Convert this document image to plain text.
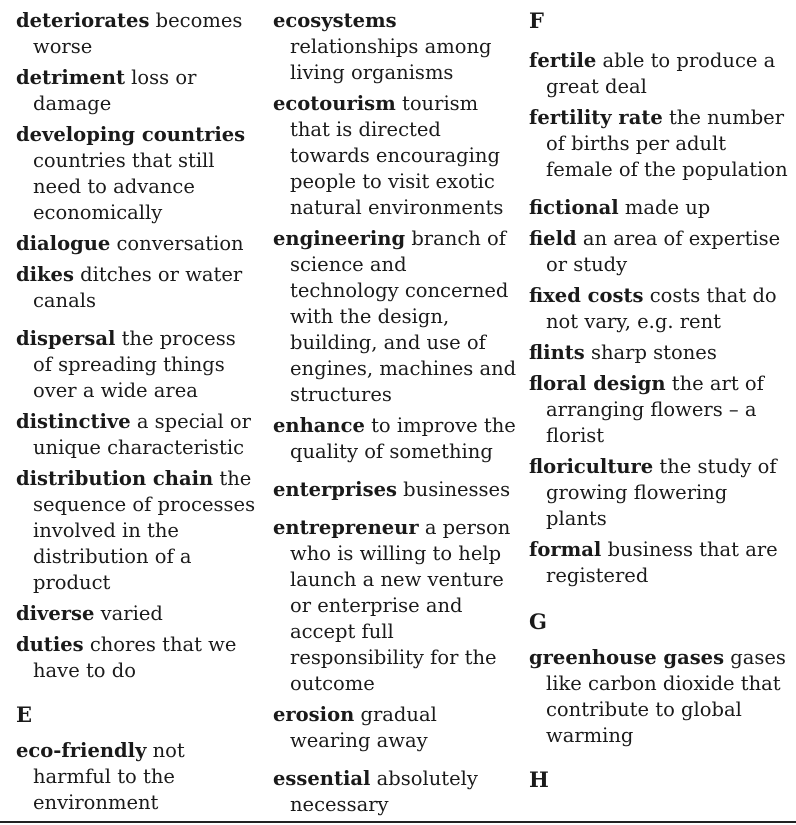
deteriorates becomes worse
detriment loss or damage
developing countries countries that still need to advance economically
dialogue conversation
dikes ditches or water canals
dispersal the process of spreading things over a wide area
distinctive a special or unique characteristic
distribution chain the sequence of processes involved in the distribution of a product
diverse varied
duties chores that we have to do
E
eco-friendly not harmful to the environment
ecosystems relationships among living organisms
ecotourism tourism that is directed towards encouraging people to visit exotic natural environments
engineering branch of science and technology concerned with the design, building, and use of engines, machines and structures
enhance to improve the quality of something
enterprises businesses
entrepreneur a person who is willing to help launch a new venture or enterprise and accept full responsibility for the outcome
erosion gradual wearing away
essential absolutely necessary
F
fertile able to produce a great deal
fertility rate the number of births per adult female of the population
fictional made up
field an area of expertise or study
fixed costs costs that do not vary, e.g. rent
flints sharp stones
floral design the art of arranging flowers – a florist
floriculture the study of growing flowering plants
formal business that are registered
G
greenhouse gases gases like carbon dioxide that contribute to global warming
H
